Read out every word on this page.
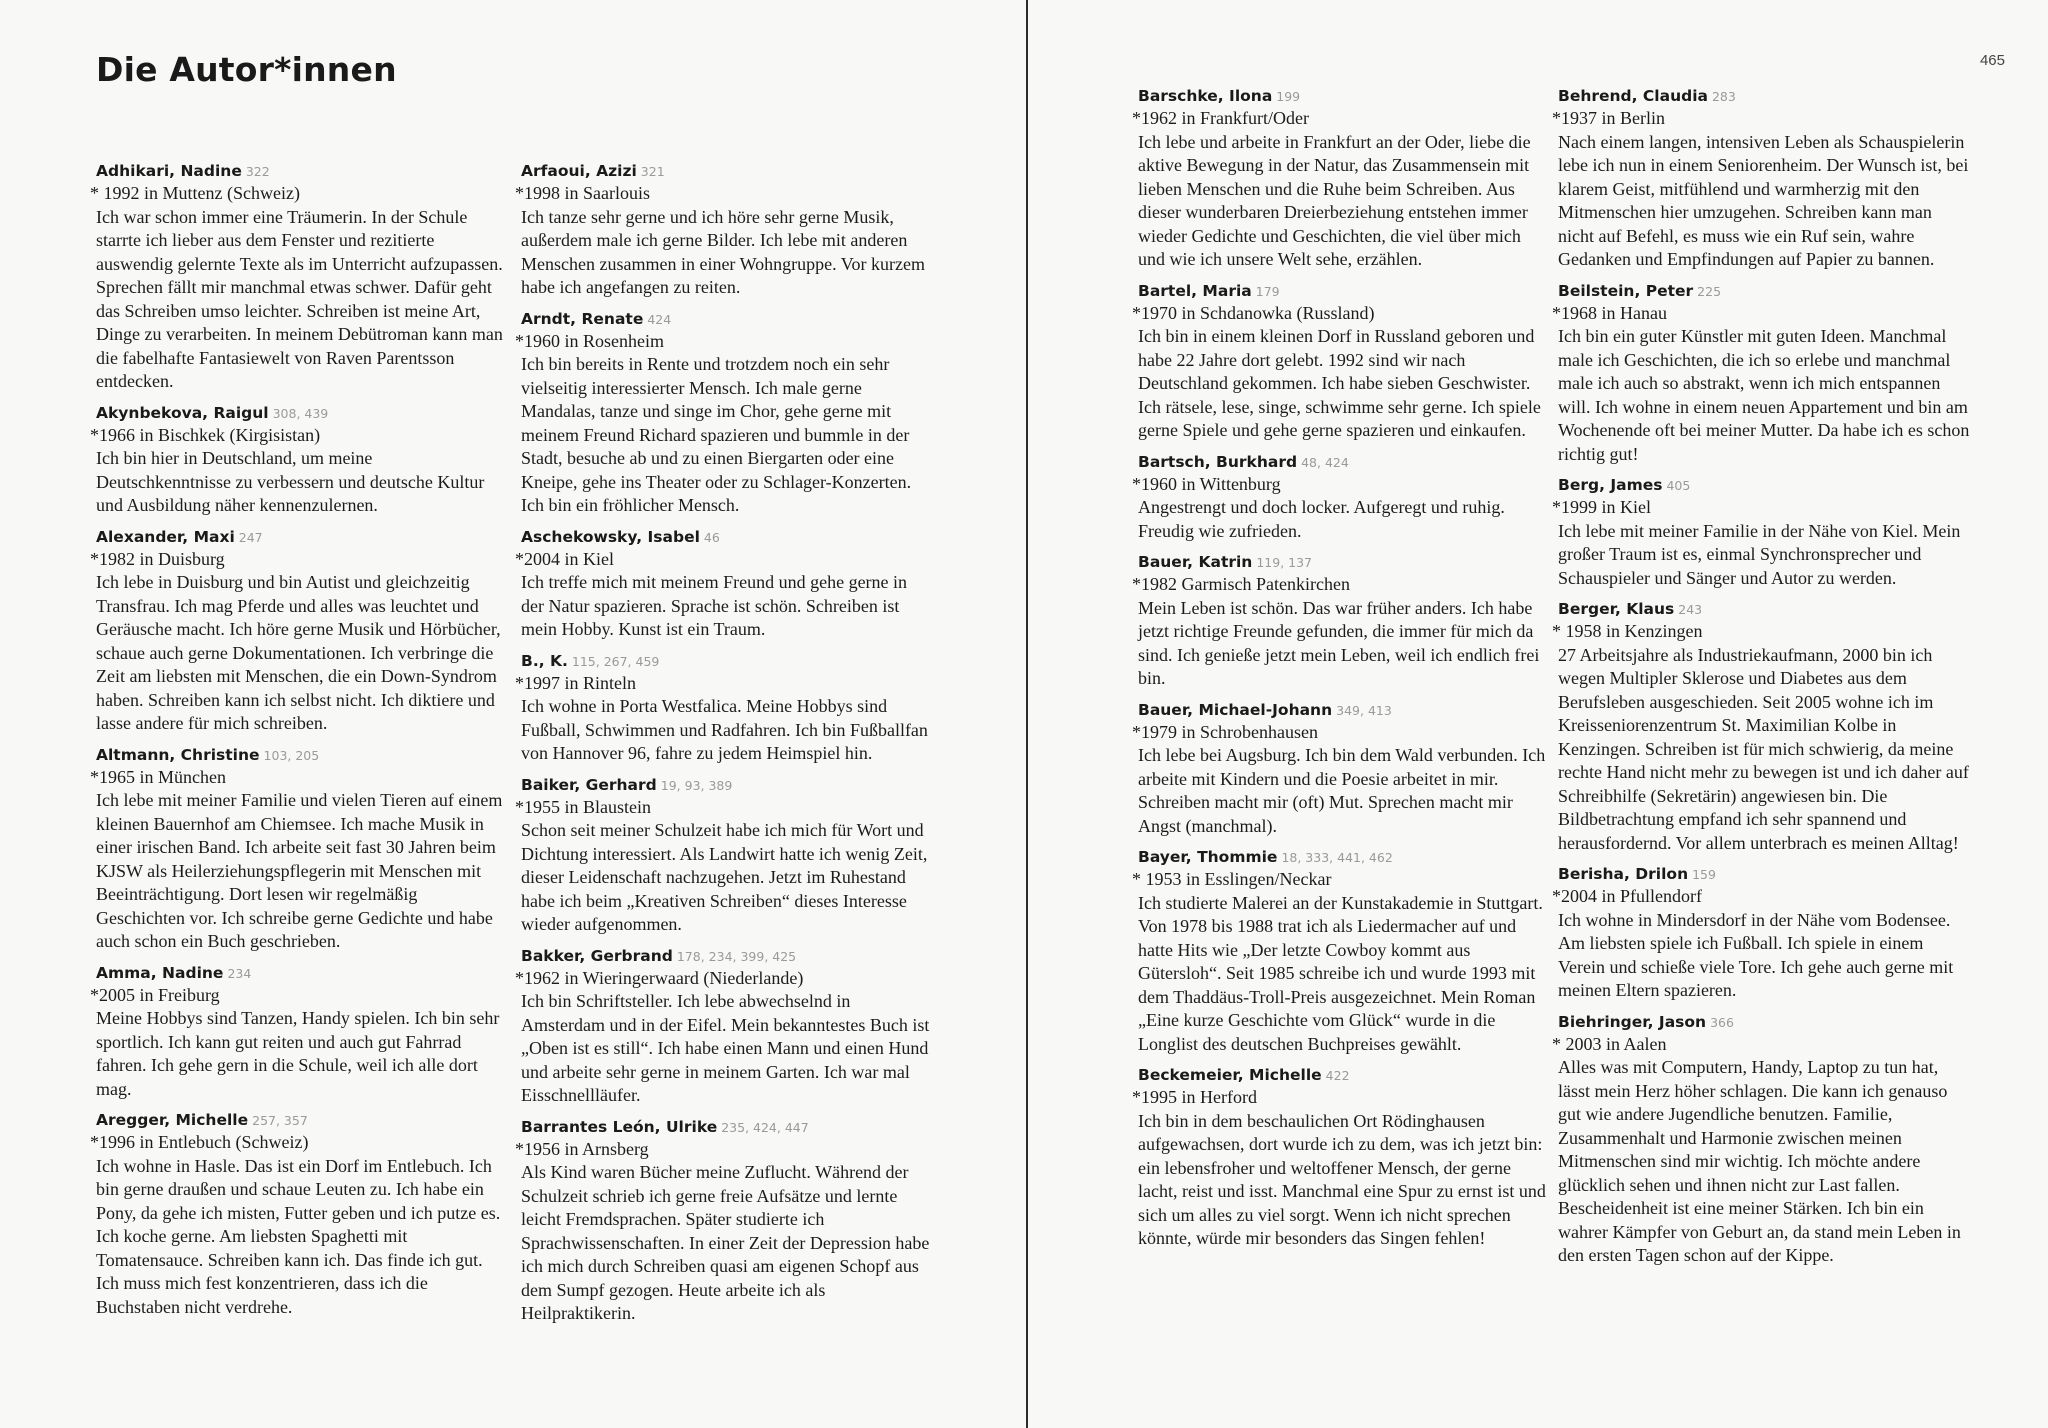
Die Autor*innen	465
Adhikari, Nadine 322
* 1992 in Muttenz (Schweiz)
Ich war schon immer eine Träumerin. In der Schule starrte ich lieber aus dem Fenster und rezitierte auswendig gelernte Texte als im Unterricht aufzupassen. Sprechen fällt mir manchmal etwas schwer. Dafür geht das Schreiben umso leichter. Schreiben ist meine Art, Dinge zu verarbeiten. In meinem Debütroman kann man die fabelhafte Fantasiewelt von Raven Parentsson entdecken.
Akynbekova, Raigul 308, 439
*1966 in Bischkek (Kirgisistan)
Ich bin hier in Deutschland, um meine Deutschkenntnisse zu verbessern und deutsche Kultur und Ausbildung näher kennenzulernen.
Alexander, Maxi 247
*1982 in Duisburg
Ich lebe in Duisburg und bin Autist und gleichzeitig Transfrau. Ich mag Pferde und alles was leuchtet und Geräusche macht. Ich höre gerne Musik und Hörbücher, schaue auch gerne Dokumentationen. Ich verbringe die Zeit am liebsten mit Menschen, die ein Down-Syndrom haben. Schreiben kann ich selbst nicht. Ich diktiere und lasse andere für mich schreiben.
Altmann, Christine 103, 205
*1965 in München
Ich lebe mit meiner Familie und vielen Tieren auf einem kleinen Bauernhof am Chiemsee. Ich mache Musik in einer irischen Band. Ich arbeite seit fast 30 Jahren beim KJSW als Heilerziehungspflegerin mit Menschen mit Beeinträchtigung. Dort lesen wir regelmäßig Geschichten vor. Ich schreibe gerne Gedichte und habe auch schon ein Buch geschrieben.
Amma, Nadine 234
*2005 in Freiburg
Meine Hobbys sind Tanzen, Handy spielen. Ich bin sehr sportlich. Ich kann gut reiten und auch gut Fahrrad fahren. Ich gehe gern in die Schule, weil ich alle dort mag.
Aregger, Michelle 257, 357
*1996 in Entlebuch (Schweiz)
Ich wohne in Hasle. Das ist ein Dorf im Entlebuch. Ich bin gerne draußen und schaue Leuten zu. Ich habe ein Pony, da gehe ich misten, Futter geben und ich putze es. Ich koche gerne. Am liebsten Spaghetti mit Tomatensauce. Schreiben kann ich. Das finde ich gut. Ich muss mich fest konzentrieren, dass ich die Buchstaben nicht verdrehe.
Arfaoui, Azizi 321
*1998 in Saarlouis
Ich tanze sehr gerne und ich höre sehr gerne Musik, außerdem male ich gerne Bilder. Ich lebe mit anderen Menschen zusammen in einer Wohngruppe. Vor kurzem habe ich angefangen zu reiten.
Arndt, Renate 424
*1960 in Rosenheim
Ich bin bereits in Rente und trotzdem noch ein sehr vielseitig interessierter Mensch. Ich male gerne Mandalas, tanze und singe im Chor, gehe gerne mit meinem Freund Richard spazieren und bummle in der Stadt, besuche ab und zu einen Biergarten oder eine Kneipe, gehe ins Theater oder zu Schlager-Konzerten. Ich bin ein fröhlicher Mensch.
Aschekowsky, Isabel 46
*2004 in Kiel
Ich treffe mich mit meinem Freund und gehe gerne in der Natur spazieren. Sprache ist schön. Schreiben ist mein Hobby. Kunst ist ein Traum.
B., K. 115, 267, 459
*1997 in Rinteln
Ich wohne in Porta Westfalica. Meine Hobbys sind Fußball, Schwimmen und Radfahren. Ich bin Fußballfan von Hannover 96, fahre zu jedem Heimspiel hin.
Baiker, Gerhard 19, 93, 389
*1955 in Blaustein
Schon seit meiner Schulzeit habe ich mich für Wort und Dichtung interessiert. Als Landwirt hatte ich wenig Zeit, dieser Leidenschaft nachzugehen. Jetzt im Ruhestand habe ich beim „Kreativen Schreiben“ dieses Interesse wieder aufgenommen.
Bakker, Gerbrand 178, 234, 399, 425
*1962 in Wieringerwaard (Niederlande)
Ich bin Schriftsteller. Ich lebe abwechselnd in Amsterdam und in der Eifel. Mein bekanntestes Buch ist „Oben ist es still“. Ich habe einen Mann und einen Hund und arbeite sehr gerne in meinem Garten. Ich war mal Eisschnellläufer.
Barrantes León, Ulrike 235, 424, 447
*1956 in Arnsberg
Als Kind waren Bücher meine Zuflucht. Während der Schulzeit schrieb ich gerne freie Aufsätze und lernte leicht Fremdsprachen. Später studierte ich Sprachwissenschaften. In einer Zeit der Depression habe ich mich durch Schreiben quasi am eigenen Schopf aus dem Sumpf gezogen. Heute arbeite ich als Heilpraktikerin.
Barschke, Ilona 199
*1962 in Frankfurt/Oder
Ich lebe und arbeite in Frankfurt an der Oder, liebe die aktive Bewegung in der Natur, das Zusammensein mit lieben Menschen und die Ruhe beim Schreiben. Aus dieser wunderbaren Dreierbeziehung entstehen immer wieder Gedichte und Geschichten, die viel über mich und wie ich unsere Welt sehe, erzählen.
Bartel, Maria 179
*1970 in Schdanowka (Russland)
Ich bin in einem kleinen Dorf in Russland geboren und habe 22 Jahre dort gelebt. 1992 sind wir nach Deutschland gekommen. Ich habe sieben Geschwister. Ich rätsele, lese, singe, schwimme sehr gerne. Ich spiele gerne Spiele und gehe gerne spazieren und einkaufen.
Bartsch, Burkhard 48, 424
*1960 in Wittenburg
Angestrengt und doch locker. Aufgeregt und ruhig. Freudig wie zufrieden.
Bauer, Katrin 119, 137
*1982 Garmisch Patenkirchen
Mein Leben ist schön. Das war früher anders. Ich habe jetzt richtige Freunde gefunden, die immer für mich da sind. Ich genieße jetzt mein Leben, weil ich endlich frei bin.
Bauer, Michael-Johann 349, 413
*1979 in Schrobenhausen
Ich lebe bei Augsburg. Ich bin dem Wald verbunden. Ich arbeite mit Kindern und die Poesie arbeitet in mir. Schreiben macht mir (oft) Mut. Sprechen macht mir Angst (manchmal).
Bayer, Thommie 18, 333, 441, 462
* 1953 in Esslingen/Neckar
Ich studierte Malerei an der Kunstakademie in Stuttgart. Von 1978 bis 1988 trat ich als Liedermacher auf und hatte Hits wie „Der letzte Cowboy kommt aus Gütersloh“. Seit 1985 schreibe ich und wurde 1993 mit dem Thaddäus-Troll-Preis ausgezeichnet. Mein Roman „Eine kurze Geschichte vom Glück“ wurde in die Longlist des deutschen Buchpreises gewählt.
Beckemeier, Michelle 422
*1995 in Herford
Ich bin in dem beschaulichen Ort Rödinghausen aufgewachsen, dort wurde ich zu dem, was ich jetzt bin: ein lebensfroher und weltoffener Mensch, der gerne lacht, reist und isst. Manchmal eine Spur zu ernst ist und sich um alles zu viel sorgt. Wenn ich nicht sprechen könnte, würde mir besonders das Singen fehlen!
Behrend, Claudia 283
*1937 in Berlin
Nach einem langen, intensiven Leben als Schauspielerin lebe ich nun in einem Seniorenheim. Der Wunsch ist, bei klarem Geist, mitfühlend und warmherzig mit den Mitmenschen hier umzugehen. Schreiben kann man nicht auf Befehl, es muss wie ein Ruf sein, wahre Gedanken und Empfindungen auf Papier zu bannen.
Beilstein, Peter 225
*1968 in Hanau
Ich bin ein guter Künstler mit guten Ideen. Manchmal male ich Geschichten, die ich so erlebe und manchmal male ich auch so abstrakt, wenn ich mich entspannen will. Ich wohne in einem neuen Appartement und bin am Wochenende oft bei meiner Mutter. Da habe ich es schon richtig gut!
Berg, James 405
*1999 in Kiel
Ich lebe mit meiner Familie in der Nähe von Kiel. Mein großer Traum ist es, einmal Synchronsprecher und Schauspieler und Sänger und Autor zu werden.
Berger, Klaus 243
* 1958 in Kenzingen
27 Arbeitsjahre als Industriekaufmann, 2000 bin ich wegen Multipler Sklerose und Diabetes aus dem Berufsleben ausgeschieden. Seit 2005 wohne ich im Kreisseniorenzentrum St. Maximilian Kolbe in Kenzingen. Schreiben ist für mich schwierig, da meine rechte Hand nicht mehr zu bewegen ist und ich daher auf Schreibhilfe (Sekretärin) angewiesen bin. Die Bildbetrachtung empfand ich sehr spannend und herausfordernd. Vor allem unterbrach es meinen Alltag!
Berisha, Drilon 159
*2004 in Pfullendorf
Ich wohne in Mindersdorf in der Nähe vom Bodensee. Am liebsten spiele ich Fußball. Ich spiele in einem Verein und schieße viele Tore. Ich gehe auch gerne mit meinen Eltern spazieren.
Biehringer, Jason 366
* 2003 in Aalen
Alles was mit Computern, Handy, Laptop zu tun hat, lässt mein Herz höher schlagen. Die kann ich genauso gut wie andere Jugendliche benutzen. Familie, Zusammenhalt und Harmonie zwischen meinen Mitmenschen sind mir wichtig. Ich möchte andere glücklich sehen und ihnen nicht zur Last fallen. Bescheidenheit ist eine meiner Stärken. Ich bin ein wahrer Kämpfer von Geburt an, da stand mein Leben in den ersten Tagen schon auf der Kippe.
